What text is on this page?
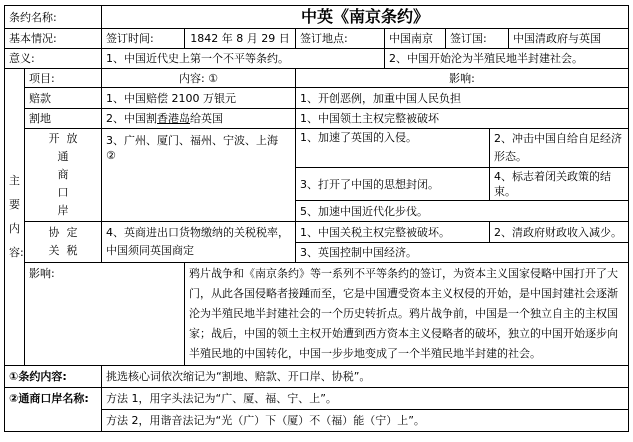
条约名称:		中英《南京条约》						
基本情况:		签订时间:	1842 年 8 月 29 日	签订地点:	中国南京	签订国:		中国清政府与英国
意义:		1、中国近代史上第一个不平等条约。			2、中国开始沦为半殖民地半封建社会。			
主
要
内
容:	项目:	内容: ①		影响:				
	赔款	1、中国赔偿 2100 万银元		1、开创恶例，加重中国人民负担				
	割地	2、中国割香港岛给英国		1、中国领土主权完整被破坏				
	开 放
通
商
口
岸	3、广州、厦门、福州、宁波、上海 ②		1、加速了英国的入侵。			2、冲击中国自给自足经济形态。	
				3、打开了中国的思想封闭。			4、标志着闭关政策的结束。	
				5、加速中国近代化步伐。				
	协 定
关 税	4、英商进出口货物缴纳的关税税率，中国须同英国商定		1、中国关税主权完整被破坏。			2、清政府财政收入减少。	
				3、英国控制中国经济。				
	影响:		鸦片战争和《南京条约》等一系列不平等条约的签订，为资本主义国家侵略中国打开了大门，从此各国侵略者接踵而至，它是中国遭受资本主义权侵的开始，是中国封建社会逐渐沦为半殖民地半封建社会的一个历史转折点。鸦片战争前，中国是一个独立自主的主权国家；战后，中国的领土主权开始遭到西方资本主义侵略者的破坏，独立的中国开始逐步向半殖民地的中国转化，中国一步步地变成了一个半殖民地半封建的社会。					
①条约内容:		挑选核心词依次缩记为“割地、赔款、开口岸、协税”。						
②通商口岸名称:		方法 1，用字头法记为“广、厦、福、宁、上”。						
		方法 2，用谐音法记为“光（广）下（厦）不（福）能（宁）上”。						
